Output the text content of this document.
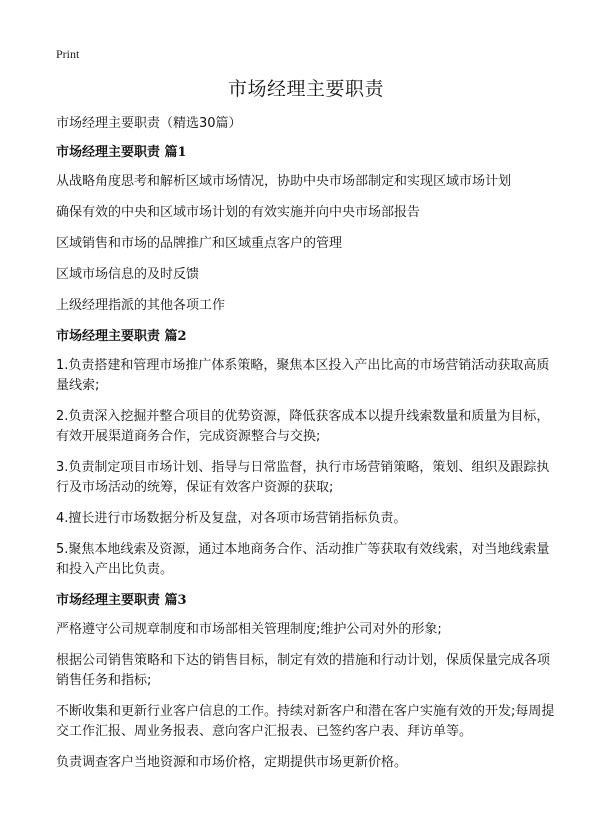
Print
市场经理主要职责
市场经理主要职责（精选30篇）
市场经理主要职责 篇1
从战略角度思考和解析区域市场情况，协助中央市场部制定和实现区域市场计划
确保有效的中央和区域市场计划的有效实施并向中央市场部报告
区域销售和市场的品牌推广和区域重点客户的管理
区域市场信息的及时反馈
上级经理指派的其他各项工作
市场经理主要职责 篇2
1.负责搭建和管理市场推广体系策略，聚焦本区投入产出比高的市场营销活动获取高质量线索;
2.负责深入挖掘并整合项目的优势资源，降低获客成本以提升线索数量和质量为目标，有效开展渠道商务合作，完成资源整合与交换;
3.负责制定项目市场计划、指导与日常监督，执行市场营销策略，策划、组织及跟踪执行及市场活动的统筹，保证有效客户资源的获取;
4.擅长进行市场数据分析及复盘，对各项市场营销指标负责。
5.聚焦本地线索及资源，通过本地商务合作、活动推广等获取有效线索，对当地线索量和投入产出比负责。
市场经理主要职责 篇3
严格遵守公司规章制度和市场部相关管理制度;维护公司对外的形象;
根据公司销售策略和下达的销售目标，制定有效的措施和行动计划，保质保量完成各项销售任务和指标;
不断收集和更新行业客户信息的工作。持续对新客户和潜在客户实施有效的开发;每周提交工作汇报、周业务报表、意向客户汇报表、已签约客户表、拜访单等。
负责调查客户当地资源和市场价格，定期提供市场更新价格。
